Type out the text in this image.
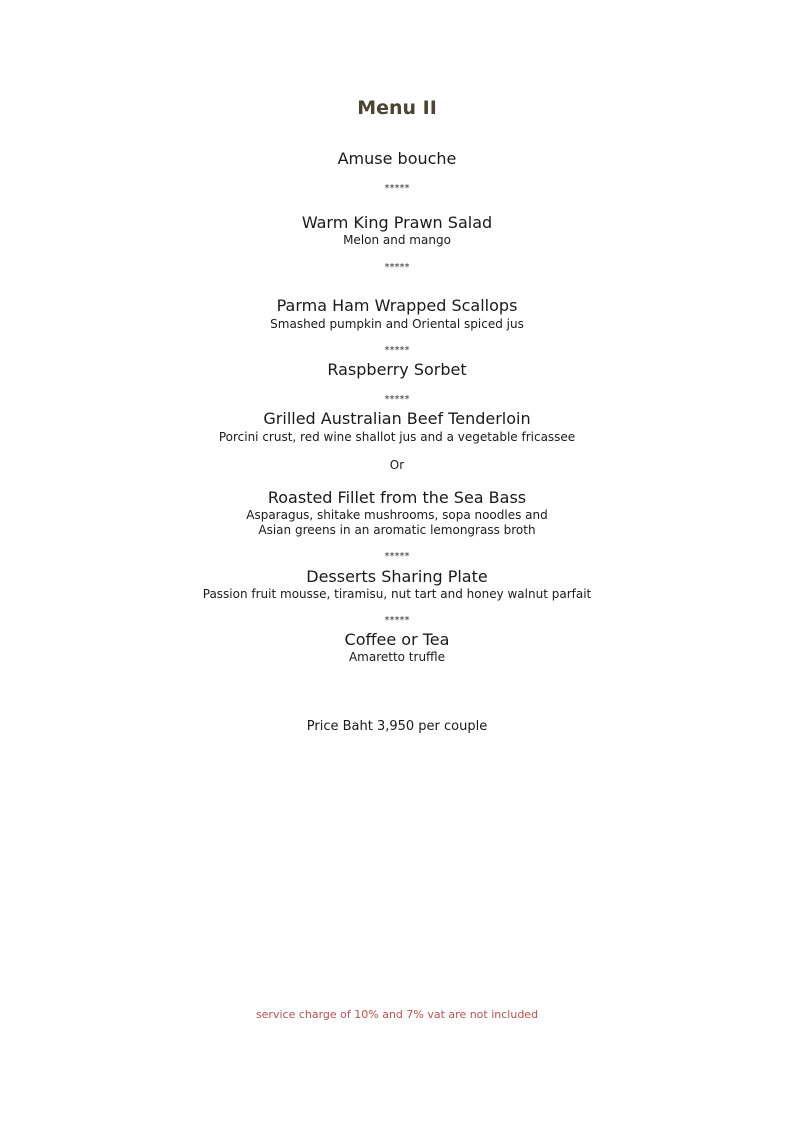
Menu II

Amuse bouche

*****

Warm King Prawn Salad

Melon and mango

*****

Parma Ham Wrapped Scallops

Smashed pumpkin and Oriental spiced jus

*****

Raspberry Sorbet

*****

Grilled Australian Beef Tenderloin

Porcini crust, red wine shallot jus and a vegetable fricassee

Or

Roasted Fillet from the Sea Bass

Asparagus, shitake mushrooms, sopa noodles and

Asian greens in an aromatic lemongrass broth

*****

Desserts Sharing Plate

Passion fruit mousse, tiramisu, nut tart and honey walnut parfait

*****

Coffee or Tea

Amaretto truffle

Price Baht 3,950 per couple

service charge of 10% and 7% vat are not included
